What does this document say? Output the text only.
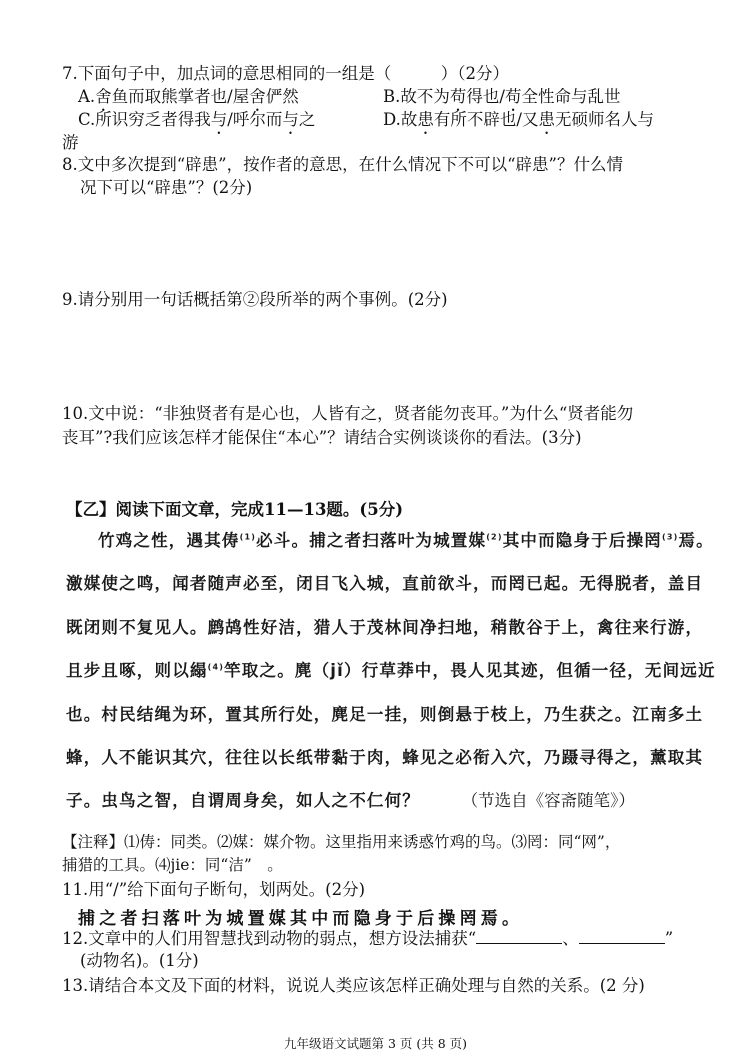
7.下面句子中，加点词的意思相同的一组是（　　　）（2分）
A.舍鱼而取熊掌者也/屋舍俨然	B.故不为苟得也/苟全性命与乱世
C.所识穷乏者得我与/呼尔而与之	D.故患有所不辟也/又患无硕师名人与
游
8.文中多次提到“辟患”，按作者的意思，在什么情况下不可以“辟患”？什么情
况下可以“辟患”？(2分)
9.请分别用一句话概括第②段所举的两个事例。(2分)
10.文中说：“非独贤者有是心也，人皆有之，贤者能勿丧耳。”为什么“贤者能勿
丧耳”?我们应该怎样才能保住“本心”？请结合实例谈谈你的看法。(3分)
【乙】阅读下面文章，完成11—13题。(5分)
竹鸡之性，遇其俦$^{(1)}$必斗。捕之者扫落叶为城置媒$^{(2)}$其中而隐身于后操罔$^{(3)}$焉。
激媒使之鸣，闻者随声必至，闭目飞入城，直前欲斗，而罔已起。无得脱者，盖目
既闭则不复见人。鹧鸪性好洁，猎人于茂林间净扫地，稍散谷于上，禽往来行游，
且步且啄，则以䌈$^{(4)}$竿取之。麂（jǐ）行草莽中，畏人见其迹，但循一径，无间远近
也。村民结绳为环，置其所行处，麂足一挂，则倒悬于枝上，乃生获之。江南多土
蜂，人不能识其穴，往往以长纸带黏于肉，蜂见之必衔入穴，乃蹑寻得之，薰取其
子。虫鸟之智，自谓周身矣，如人之不仁何？	（节选自《容斋随笔》）
【注释】⑴俦：同类。⑵媒：媒介物。这里指用来诱惑竹鸡的鸟。⑶罔：同“网”，
捕猎的工具。⑷jie：同“洁”　。
11.用“/”给下面句子断句，划两处。(2分)
捕之者扫落叶为城置媒其中而隐身于后操罔焉。
12.文章中的人们用智慧找到动物的弱点，想方设法捕获“	、	”
(动物名)。(1分)
13.请结合本文及下面的材料，说说人类应该怎样正确处理与自然的关系。(2 分)
九年级语文试题第 3 页 (共 8 页)
